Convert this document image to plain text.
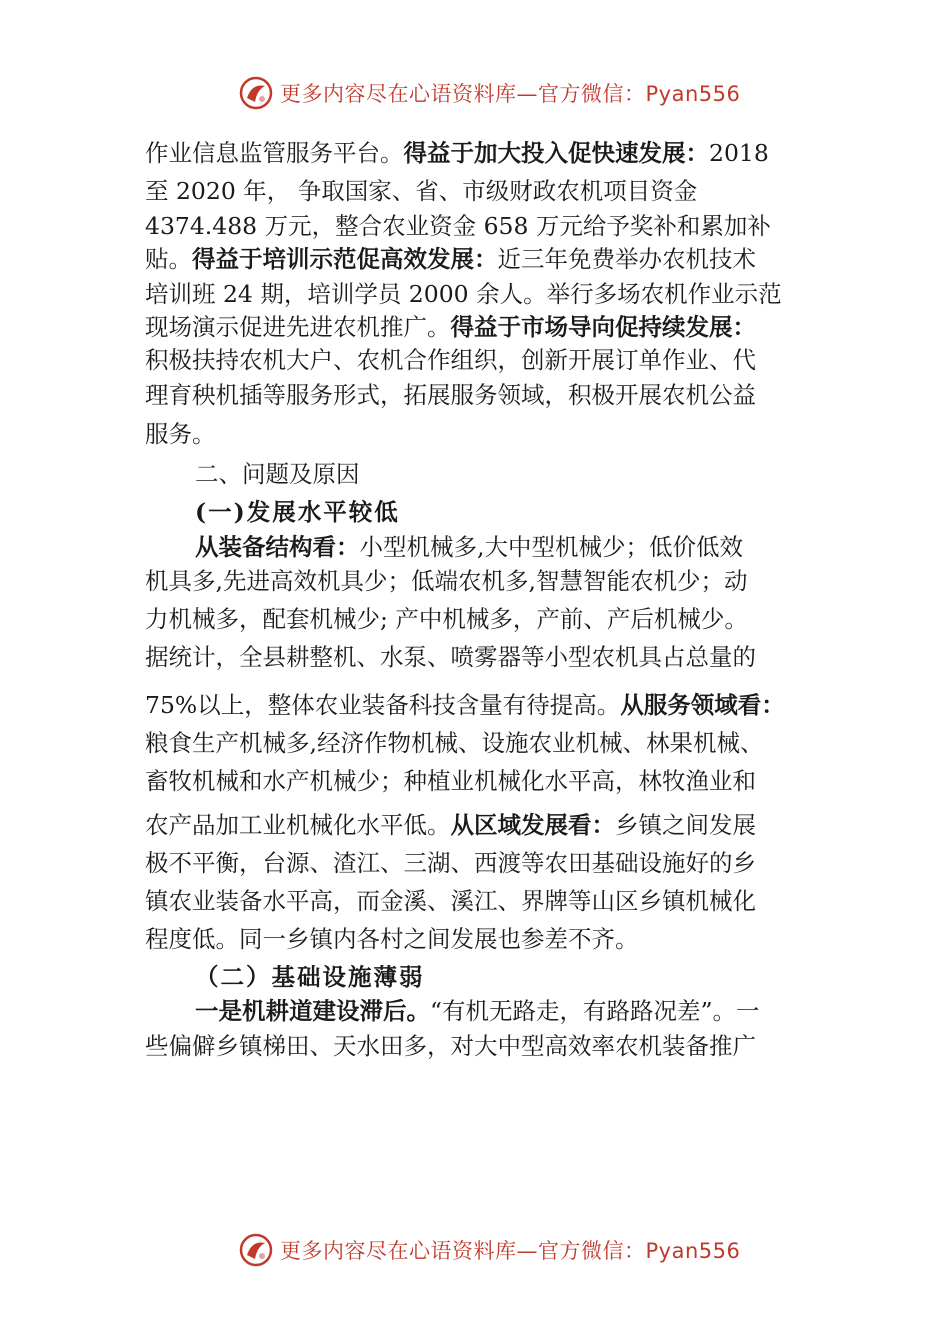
更多内容尽在心语资料库—官方微信：Pyan556
作业信息监管服务平台。得益于加大投入促快速发展：2018
至 2020 年， 争取国家、省、市级财政农机项目资金
4374.488 万元，整合农业资金 658 万元给予奖补和累加补
贴。得益于培训示范促高效发展：近三年免费举办农机技术
培训班 24 期，培训学员 2000 余人。举行多场农机作业示范
现场演示促进先进农机推广。得益于市场导向促持续发展：
积极扶持农机大户、农机合作组织，创新开展订单作业、代
理育秧机插等服务形式，拓展服务领域，积极开展农机公益
服务。
二、问题及原因
(一)发展水平较低
从装备结构看：小型机械多,大中型机械少；低价低效
机具多,先进高效机具少；低端农机多,智慧智能农机少；动
力机械多，配套机械少; 产中机械多，产前、产后机械少。
据统计，全县耕整机、水泵、喷雾器等小型农机具占总量的
75%以上，整体农业装备科技含量有待提高。从服务领域看：
粮食生产机械多,经济作物机械、设施农业机械、林果机械、
畜牧机械和水产机械少；种植业机械化水平高，林牧渔业和
农产品加工业机械化水平低。从区域发展看：乡镇之间发展
极不平衡，台源、渣江、三湖、西渡等农田基础设施好的乡
镇农业装备水平高，而金溪、溪江、界牌等山区乡镇机械化
程度低。同一乡镇内各村之间发展也参差不齐。
（二）基础设施薄弱
一是机耕道建设滞后。“有机无路走，有路路况差”。一
些偏僻乡镇梯田、天水田多，对大中型高效率农机装备推广
更多内容尽在心语资料库—官方微信：Pyan556
